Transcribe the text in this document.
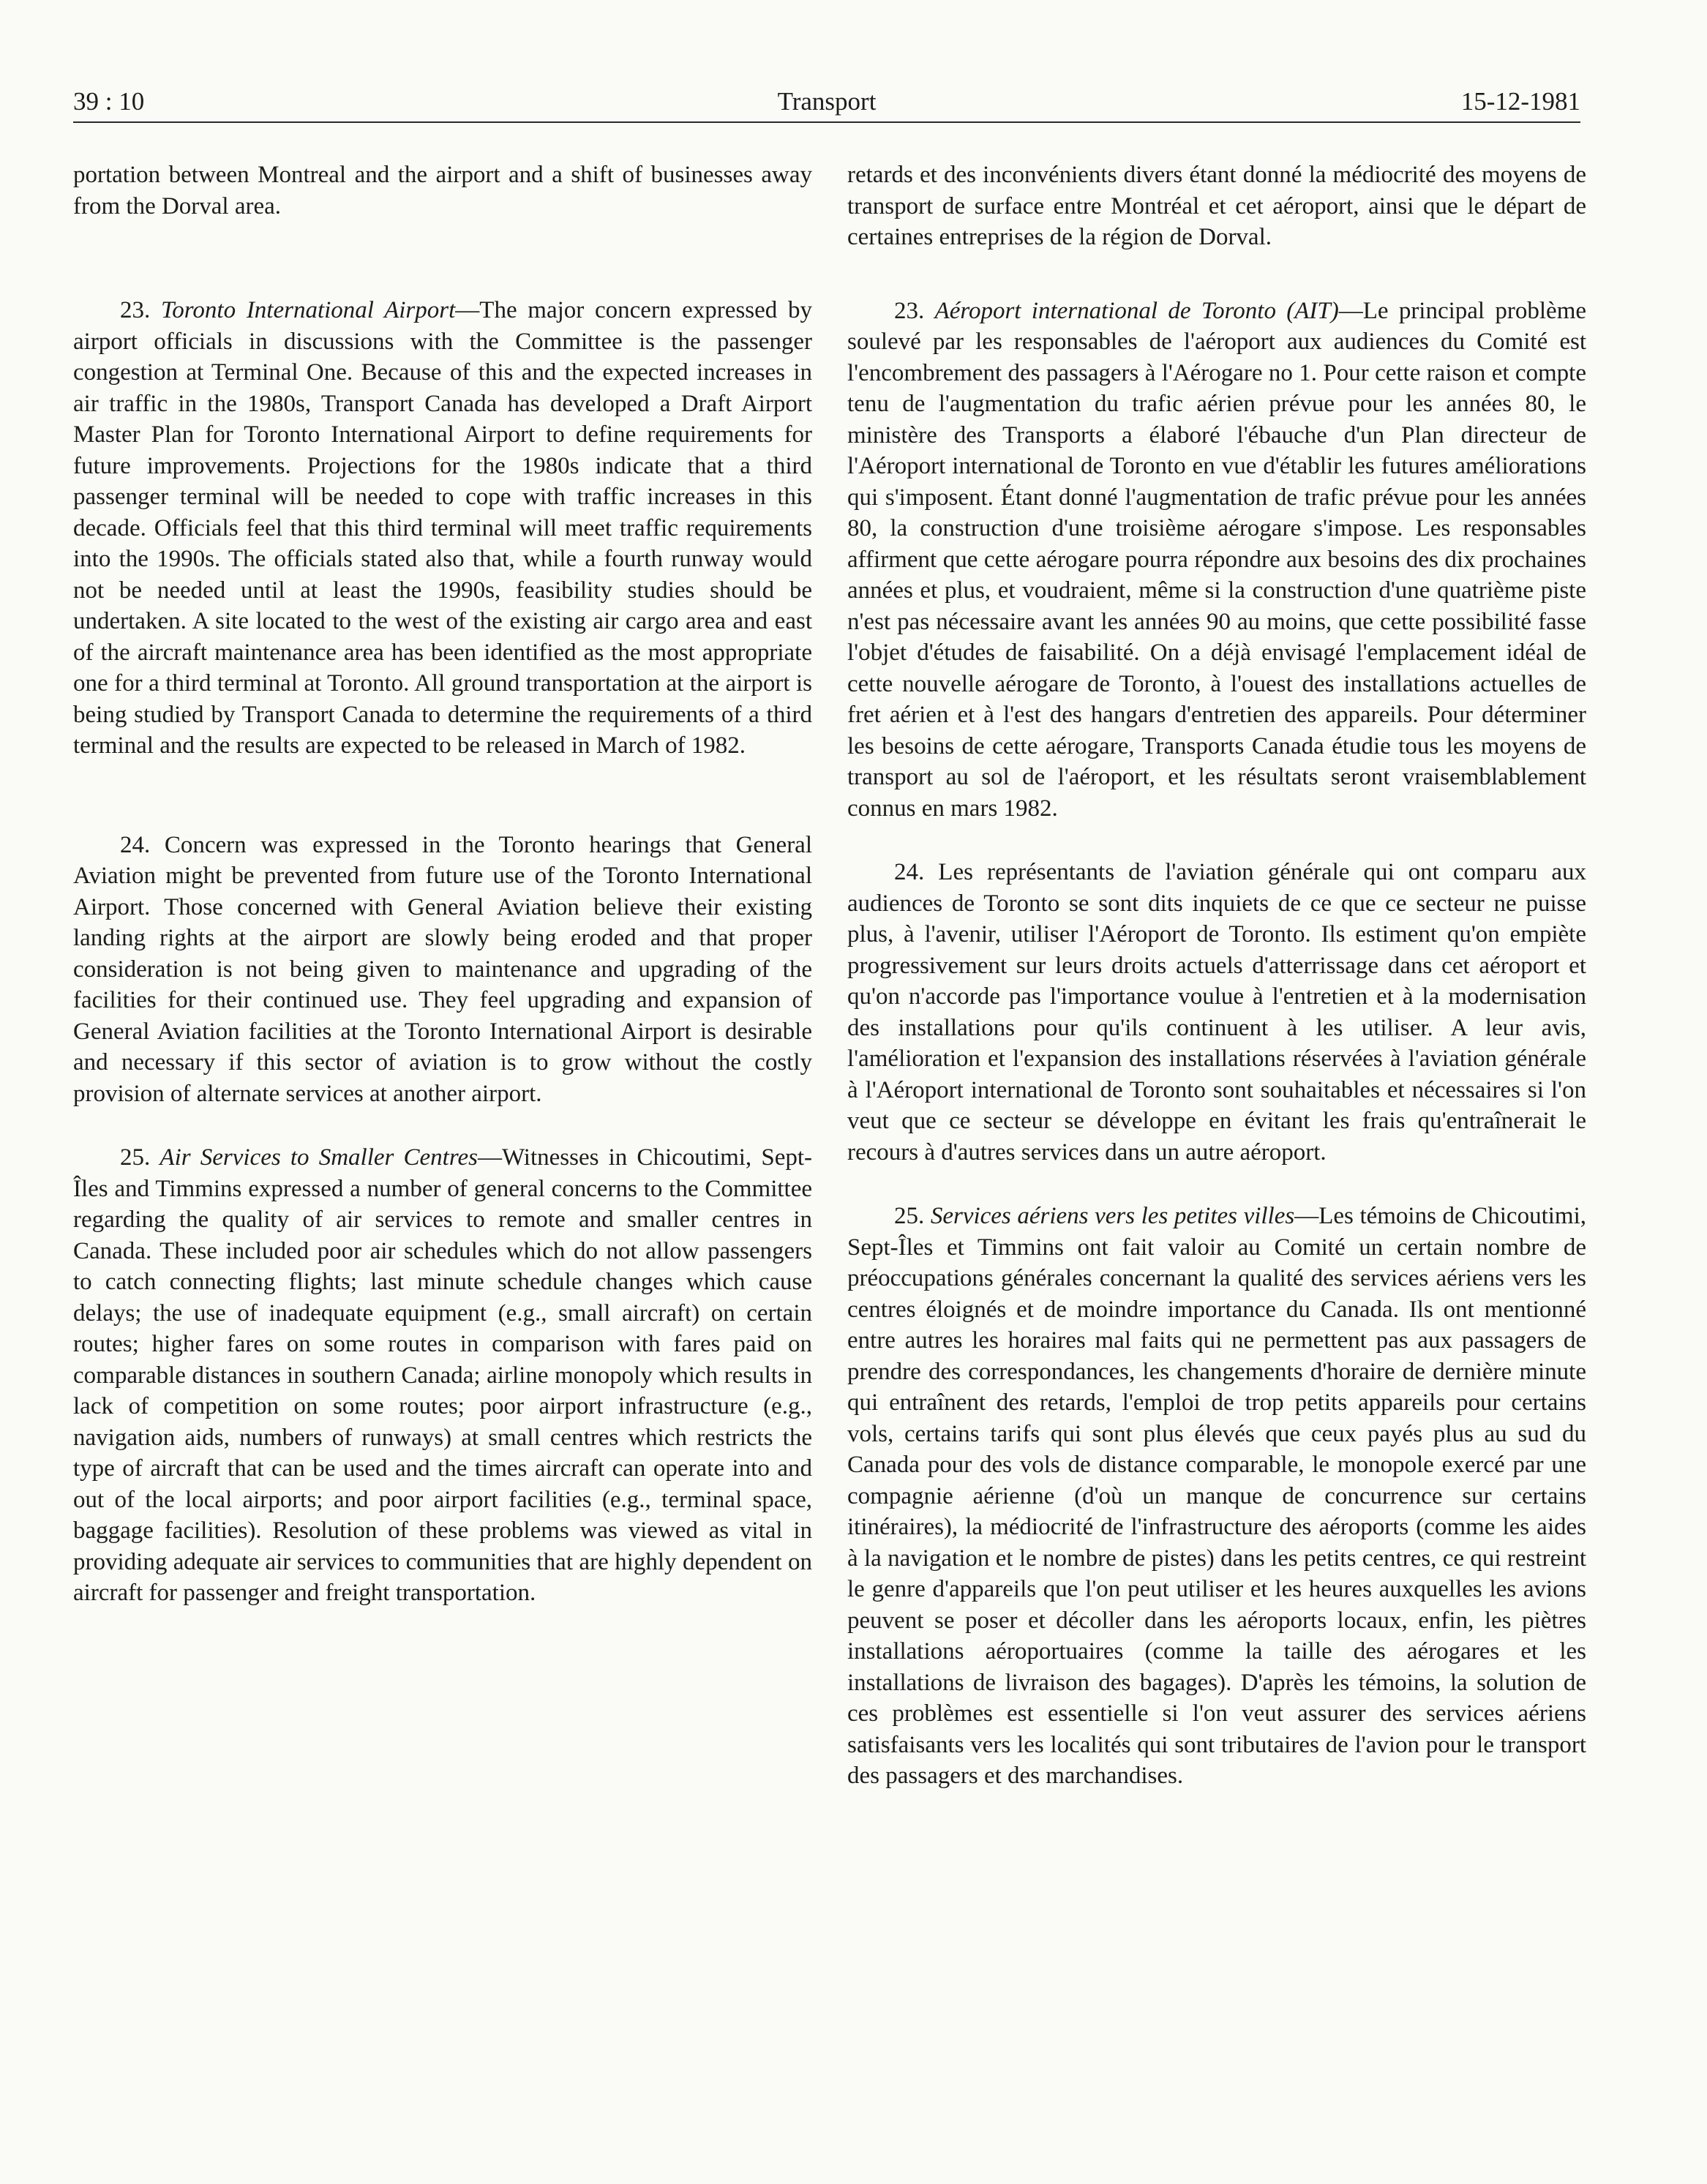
39 : 10	Transport	15-12-1981

portation between Montreal and the airport and a shift of businesses away from the Dorval area.

23. Toronto International Airport—The major concern expressed by airport officials in discussions with the Committee is the passenger congestion at Terminal One. Because of this and the expected increases in air traffic in the 1980s, Transport Canada has developed a Draft Airport Master Plan for Toronto International Airport to define requirements for future improvements. Projections for the 1980s indicate that a third passenger terminal will be needed to cope with traffic increases in this decade. Officials feel that this third terminal will meet traffic requirements into the 1990s. The officials stated also that, while a fourth runway would not be needed until at least the 1990s, feasibility studies should be undertaken. A site located to the west of the existing air cargo area and east of the aircraft maintenance area has been identified as the most appropriate one for a third terminal at Toronto. All ground transportation at the airport is being studied by Transport Canada to determine the requirements of a third terminal and the results are expected to be released in March of 1982.

24. Concern was expressed in the Toronto hearings that General Aviation might be prevented from future use of the Toronto International Airport. Those concerned with General Aviation believe their existing landing rights at the airport are slowly being eroded and that proper consideration is not being given to maintenance and upgrading of the facilities for their continued use. They feel upgrading and expansion of General Aviation facilities at the Toronto International Airport is desirable and necessary if this sector of aviation is to grow without the costly provision of alternate services at another airport.

25. Air Services to Smaller Centres—Witnesses in Chicoutimi, Sept-Îles and Timmins expressed a number of general concerns to the Committee regarding the quality of air services to remote and smaller centres in Canada. These included poor air schedules which do not allow passengers to catch connecting flights; last minute schedule changes which cause delays; the use of inadequate equipment (e.g., small aircraft) on certain routes; higher fares on some routes in comparison with fares paid on comparable distances in southern Canada; airline monopoly which results in lack of competition on some routes; poor airport infrastructure (e.g., navigation aids, numbers of runways) at small centres which restricts the type of aircraft that can be used and the times aircraft can operate into and out of the local airports; and poor airport facilities (e.g., terminal space, baggage facilities). Resolution of these problems was viewed as vital in providing adequate air services to communities that are highly dependent on aircraft for passenger and freight transportation.

retards et des inconvénients divers étant donné la médiocrité des moyens de transport de surface entre Montréal et cet aéroport, ainsi que le départ de certaines entreprises de la région de Dorval.

23. Aéroport international de Toronto (AIT)—Le principal problème soulevé par les responsables de l'aéroport aux audiences du Comité est l'encombrement des passagers à l'Aérogare no 1. Pour cette raison et compte tenu de l'augmentation du trafic aérien prévue pour les années 80, le ministère des Transports a élaboré l'ébauche d'un Plan directeur de l'Aéroport international de Toronto en vue d'établir les futures améliorations qui s'imposent. Étant donné l'augmentation de trafic prévue pour les années 80, la construction d'une troisième aérogare s'impose. Les responsables affirment que cette aérogare pourra répondre aux besoins des dix prochaines années et plus, et voudraient, même si la construction d'une quatrième piste n'est pas nécessaire avant les années 90 au moins, que cette possibilité fasse l'objet d'études de faisabilité. On a déjà envisagé l'emplacement idéal de cette nouvelle aérogare de Toronto, à l'ouest des installations actuelles de fret aérien et à l'est des hangars d'entretien des appareils. Pour déterminer les besoins de cette aérogare, Transports Canada étudie tous les moyens de transport au sol de l'aéroport, et les résultats seront vraisemblablement connus en mars 1982.

24. Les représentants de l'aviation générale qui ont comparu aux audiences de Toronto se sont dits inquiets de ce que ce secteur ne puisse plus, à l'avenir, utiliser l'Aéroport de Toronto. Ils estiment qu'on empiète progressivement sur leurs droits actuels d'atterrissage dans cet aéroport et qu'on n'accorde pas l'importance voulue à l'entretien et à la modernisation des installations pour qu'ils continuent à les utiliser. A leur avis, l'amélioration et l'expansion des installations réservées à l'aviation générale à l'Aéroport international de Toronto sont souhaitables et nécessaires si l'on veut que ce secteur se développe en évitant les frais qu'entraînerait le recours à d'autres services dans un autre aéroport.

25. Services aériens vers les petites villes—Les témoins de Chicoutimi, Sept-Îles et Timmins ont fait valoir au Comité un certain nombre de préoccupations générales concernant la qualité des services aériens vers les centres éloignés et de moindre importance du Canada. Ils ont mentionné entre autres les horaires mal faits qui ne permettent pas aux passagers de prendre des correspondances, les changements d'horaire de dernière minute qui entraînent des retards, l'emploi de trop petits appareils pour certains vols, certains tarifs qui sont plus élevés que ceux payés plus au sud du Canada pour des vols de distance comparable, le monopole exercé par une compagnie aérienne (d'où un manque de concurrence sur certains itinéraires), la médiocrité de l'infrastructure des aéroports (comme les aides à la navigation et le nombre de pistes) dans les petits centres, ce qui restreint le genre d'appareils que l'on peut utiliser et les heures auxquelles les avions peuvent se poser et décoller dans les aéroports locaux, enfin, les piètres installations aéroportuaires (comme la taille des aérogares et les installations de livraison des bagages). D'après les témoins, la solution de ces problèmes est essentielle si l'on veut assurer des services aériens satisfaisants vers les localités qui sont tributaires de l'avion pour le transport des passagers et des marchandises.
